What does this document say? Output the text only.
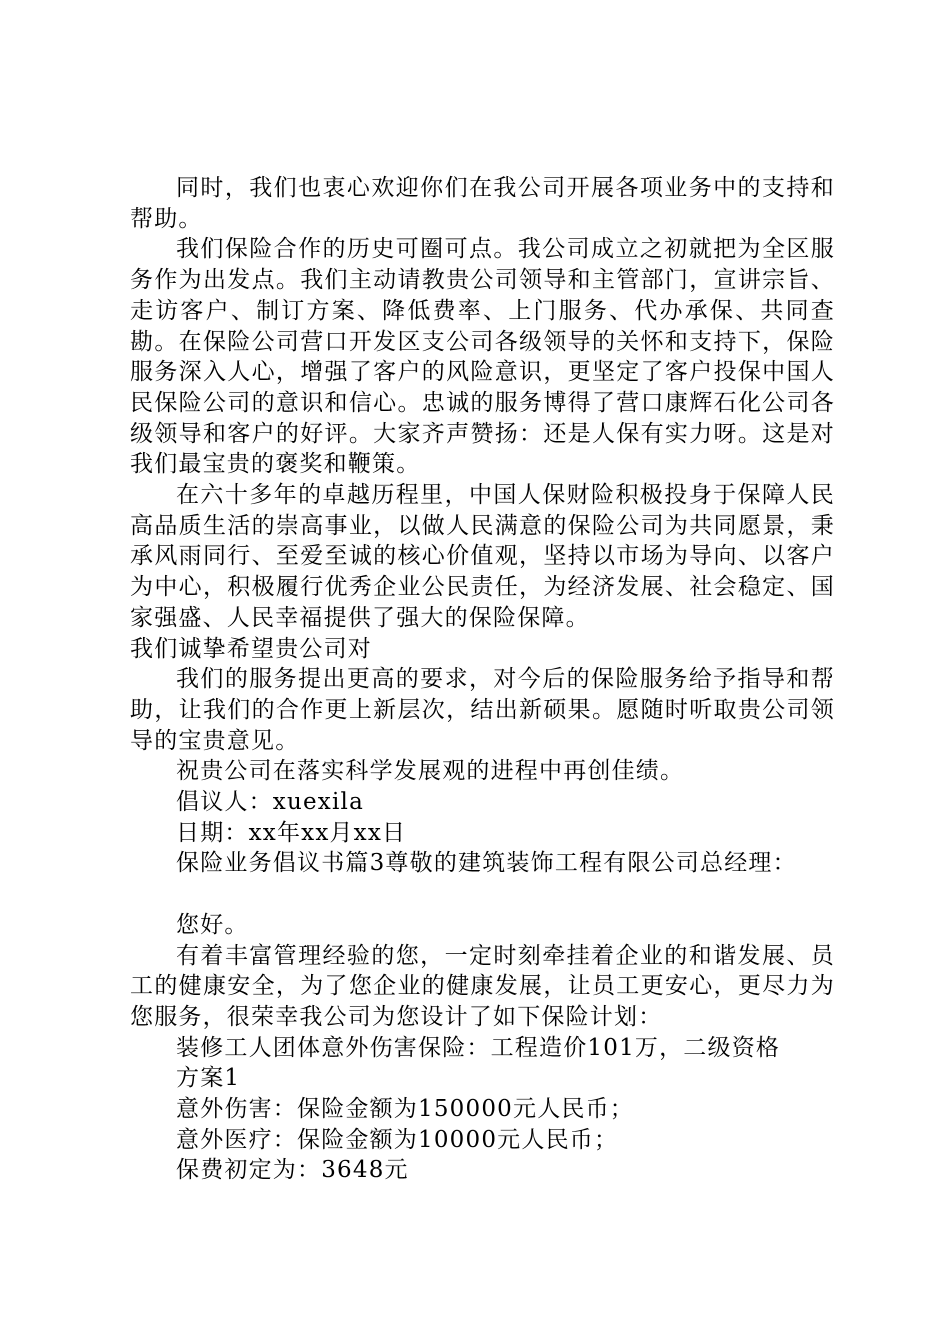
同时，我们也衷心欢迎你们在我公司开展各项业务中的支持和帮助。

我们保险合作的历史可圈可点。我公司成立之初就把为全区服务作为出发点。我们主动请教贵公司领导和主管部门，宣讲宗旨、走访客户、制订方案、降低费率、上门服务、代办承保、共同查勘。在保险公司营口开发区支公司各级领导的关怀和支持下，保险服务深入人心，增强了客户的风险意识，更坚定了客户投保中国人民保险公司的意识和信心。忠诚的服务博得了营口康辉石化公司各级领导和客户的好评。大家齐声赞扬：还是人保有实力呀。这是对我们最宝贵的褒奖和鞭策。

在六十多年的卓越历程里，中国人保财险积极投身于保障人民高品质生活的崇高事业，以做人民满意的保险公司为共同愿景，秉承风雨同行、至爱至诚的核心价值观，坚持以市场为导向、以客户为中心，积极履行优秀企业公民责任，为经济发展、社会稳定、国家强盛、人民幸福提供了强大的保险保障。

我们诚挚希望贵公司对

我们的服务提出更高的要求，对今后的保险服务给予指导和帮助，让我们的合作更上新层次，结出新硕果。愿随时听取贵公司领导的宝贵意见。

祝贵公司在落实科学发展观的进程中再创佳绩。

倡议人：xuexila

日期：xx年xx月xx日

保险业务倡议书篇3尊敬的建筑装饰工程有限公司总经理：

您好。

有着丰富管理经验的您，一定时刻牵挂着企业的和谐发展、员工的健康安全，为了您企业的健康发展，让员工更安心，更尽力为您服务，很荣幸我公司为您设计了如下保险计划：

装修工人团体意外伤害保险：工程造价101万，二级资格

方案1

意外伤害：保险金额为150000元人民币；

意外医疗：保险金额为10000元人民币；

保费初定为：3648元
